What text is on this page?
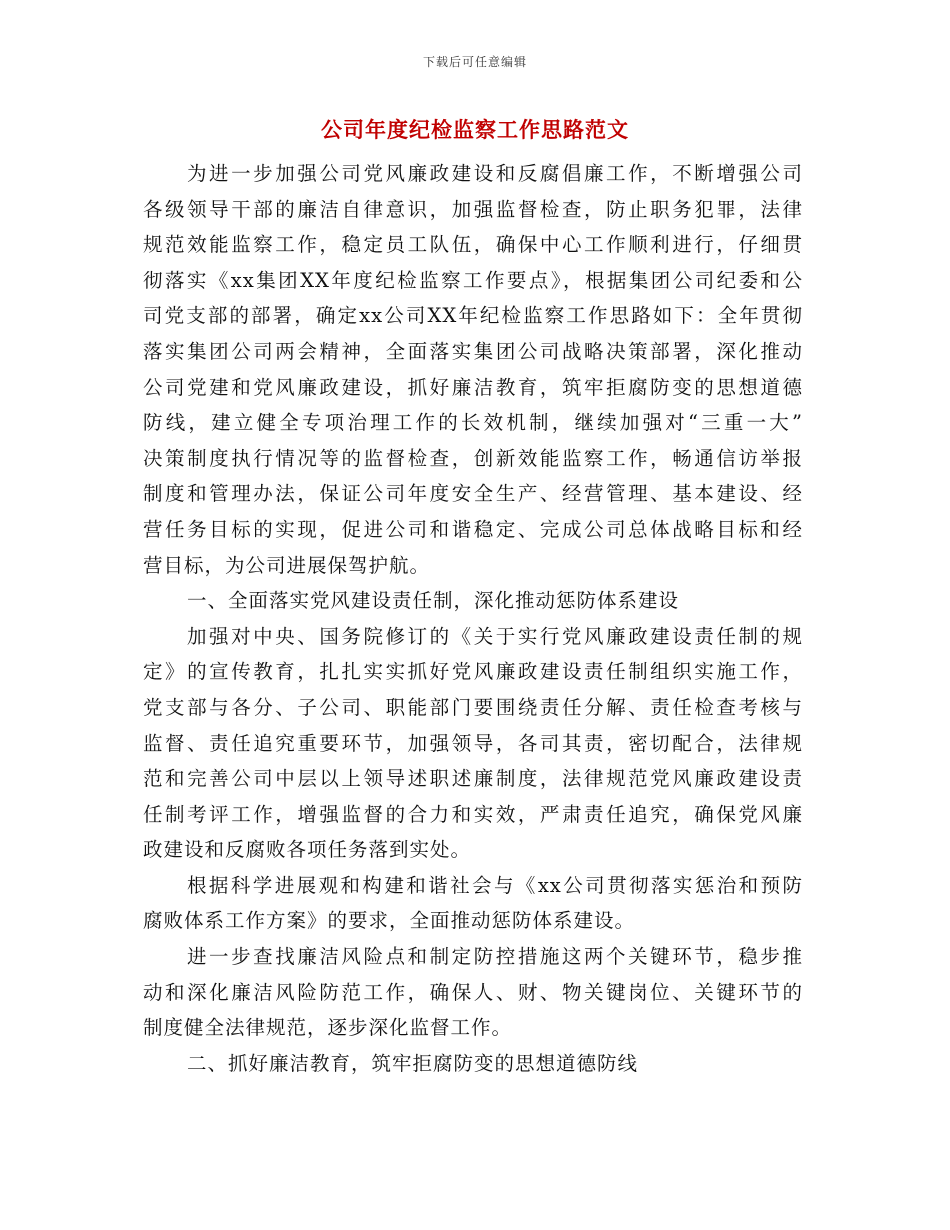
下载后可任意编辑
公司年度纪检监察工作思路范文
为进一步加强公司党风廉政建设和反腐倡廉工作，不断增强公司
各级领导干部的廉洁自律意识，加强监督检查，防止职务犯罪，法律
规范效能监察工作，稳定员工队伍，确保中心工作顺利进行，仔细贯
彻落实《xx集团XX年度纪检监察工作要点》，根据集团公司纪委和公
司党支部的部署，确定xx公司XX年纪检监察工作思路如下：全年贯彻
落实集团公司两会精神，全面落实集团公司战略决策部署，深化推动
公司党建和党风廉政建设，抓好廉洁教育，筑牢拒腐防变的思想道德
防线，建立健全专项治理工作的长效机制，继续加强对“三重一大”
决策制度执行情况等的监督检查，创新效能监察工作，畅通信访举报
制度和管理办法，保证公司年度安全生产、经营管理、基本建设、经
营任务目标的实现，促进公司和谐稳定、完成公司总体战略目标和经
营目标，为公司进展保驾护航。
一、全面落实党风建设责任制，深化推动惩防体系建设
加强对中央、国务院修订的《关于实行党风廉政建设责任制的规
定》的宣传教育，扎扎实实抓好党风廉政建设责任制组织实施工作，
党支部与各分、子公司、职能部门要围绕责任分解、责任检查考核与
监督、责任追究重要环节，加强领导，各司其责，密切配合，法律规
范和完善公司中层以上领导述职述廉制度，法律规范党风廉政建设责
任制考评工作，增强监督的合力和实效，严肃责任追究，确保党风廉
政建设和反腐败各项任务落到实处。
根据科学进展观和构建和谐社会与《xx公司贯彻落实惩治和预防
腐败体系工作方案》的要求，全面推动惩防体系建设。
进一步查找廉洁风险点和制定防控措施这两个关键环节，稳步推
动和深化廉洁风险防范工作，确保人、财、物关键岗位、关键环节的
制度健全法律规范，逐步深化监督工作。
二、抓好廉洁教育，筑牢拒腐防变的思想道德防线
